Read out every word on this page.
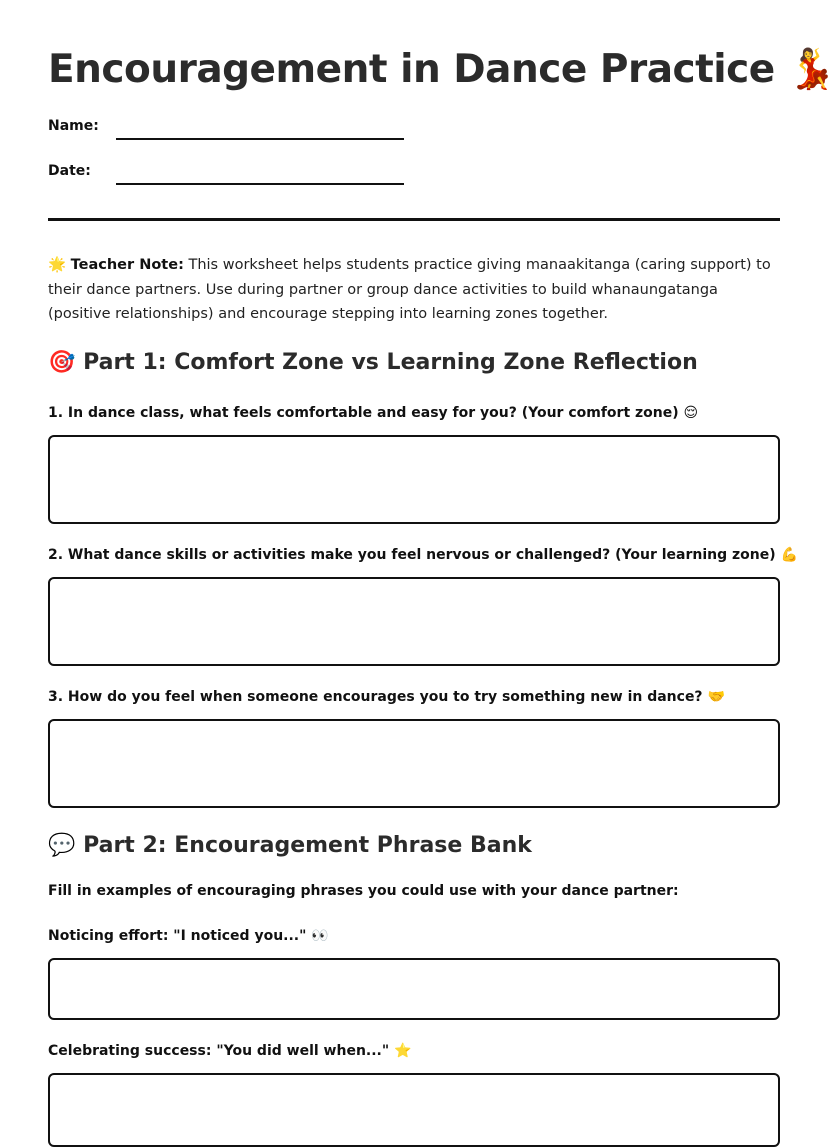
Encouragement in Dance Practice 💃
Name:
Date:
🌟 Teacher Note: This worksheet helps students practice giving manaakitanga (caring support) to their dance partners. Use during partner or group dance activities to build whanaungatanga (positive relationships) and encourage stepping into learning zones together.
🎯 Part 1: Comfort Zone vs Learning Zone Reflection
1. In dance class, what feels comfortable and easy for you? (Your comfort zone) 😌
2. What dance skills or activities make you feel nervous or challenged? (Your learning zone) 💪
3. How do you feel when someone encourages you to try something new in dance? 🤝
💬 Part 2: Encouragement Phrase Bank
Fill in examples of encouraging phrases you could use with your dance partner:
Noticing effort: "I noticed you..." 👀
Celebrating success: "You did well when..." ⭐
